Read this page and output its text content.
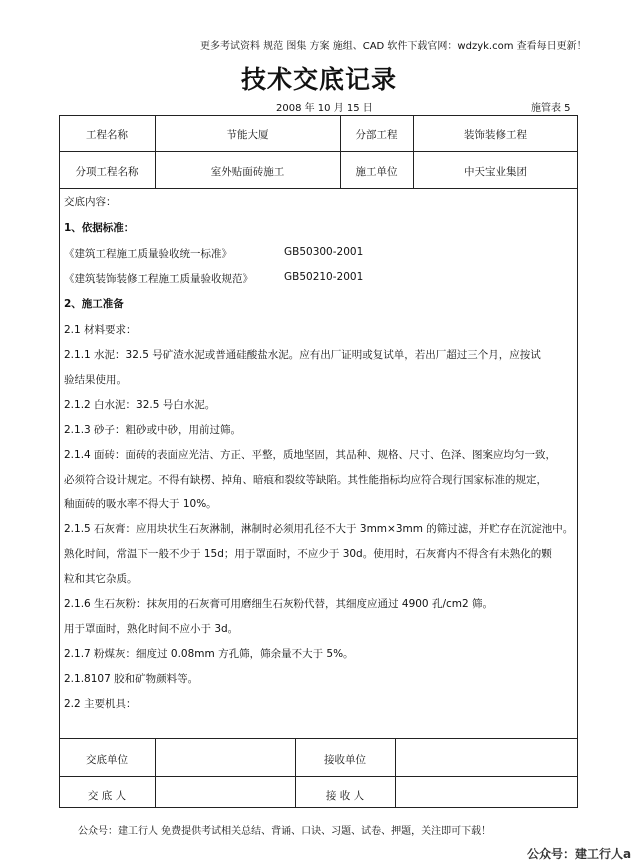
更多考试资料 规范 图集 方案 施组、CAD 软件下载官网：wdzyk.com 查看每日更新！
技术交底记录
2008 年 10 月 15 日	施管表 5
工程名称	节能大厦	分部工程	装饰装修工程
分项工程名称	室外贴面砖施工	施工单位	中天宝业集团
交底内容：
1、依据标准：
《建筑工程施工质量验收统一标准》	GB50300-2001
《建筑装饰装修工程施工质量验收规范》	GB50210-2001
2、施工准备
2.1 材料要求：
2.1.1 水泥：32.5 号矿渣水泥或普通硅酸盐水泥。应有出厂证明或复试单，若出厂超过三个月，应按试
验结果使用。
2.1.2 白水泥：32.5 号白水泥。
2.1.3 砂子：粗砂或中砂，用前过筛。
2.1.4 面砖：面砖的表面应光洁、方正、平整，质地坚固，其品种、规格、尺寸、色泽、图案应均匀一致，
必须符合设计规定。不得有缺楞、掉角、暗痕和裂纹等缺陷。其性能指标均应符合现行国家标准的规定，
釉面砖的吸水率不得大于 10%。
2.1.5 石灰膏：应用块状生石灰淋制，淋制时必须用孔径不大于 3mm×3mm 的筛过滤，并贮存在沉淀池中。
熟化时间，常温下一般不少于 15d；用于罩面时，不应少于 30d。使用时，石灰膏内不得含有未熟化的颗
粒和其它杂质。
2.1.6 生石灰粉：抹灰用的石灰膏可用磨细生石灰粉代替，其细度应通过 4900 孔/cm2 筛。
用于罩面时，熟化时间不应小于 3d。
2.1.7 粉煤灰：细度过 0.08mm 方孔筛，筛余量不大于 5%。
2.1.8107 胶和矿物颜料等。
2.2 主要机具：
交底单位	接收单位
交 底 人	接 收 人
公众号：建工行人 免费提供考试相关总结、背诵、口诀、习题、试卷、押题，关注即可下载！
公众号：建工行人a
